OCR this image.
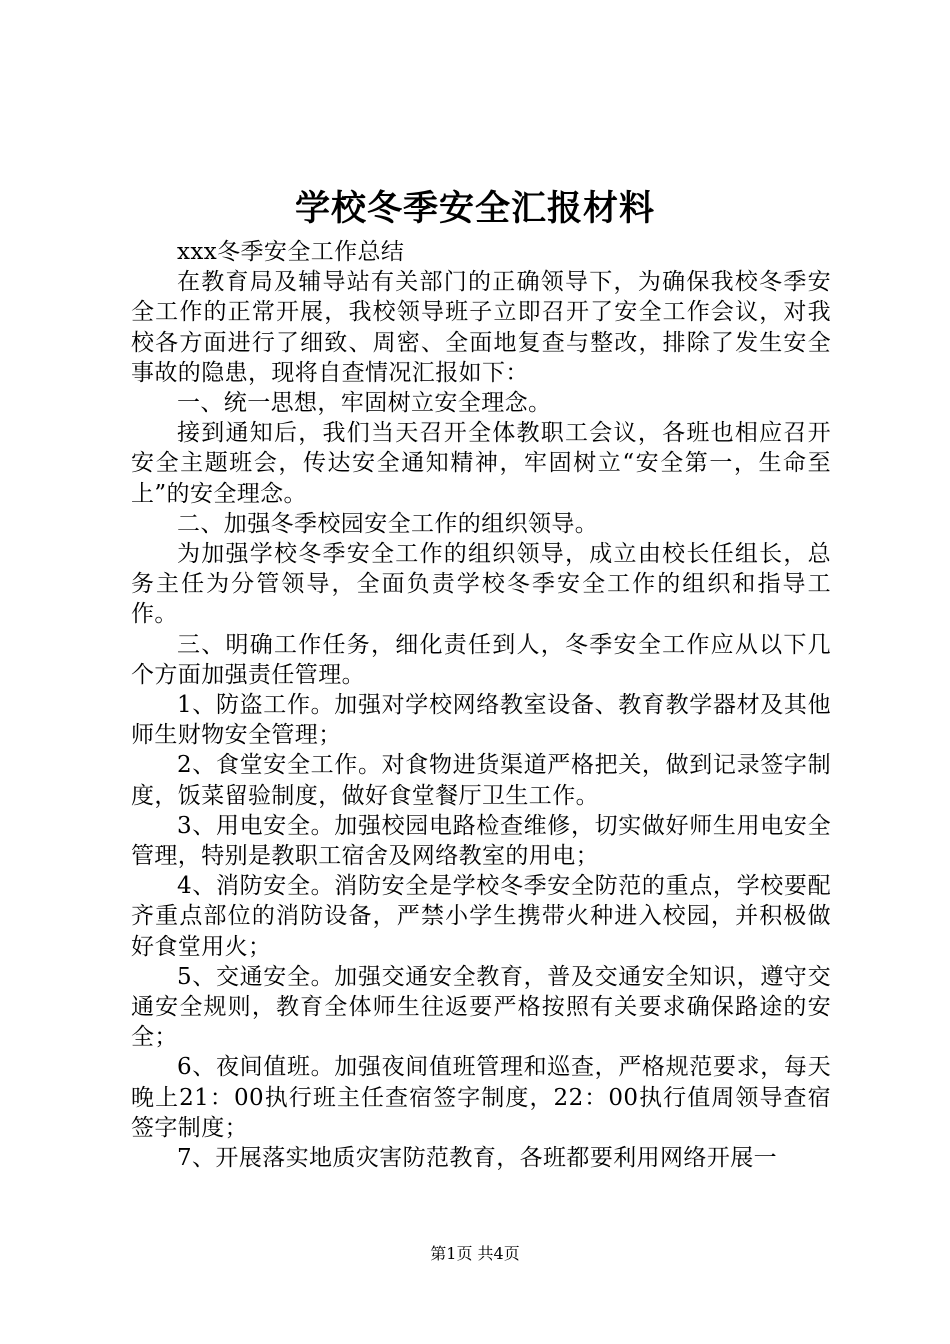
学校冬季安全汇报材料

xxx冬季安全工作总结

在教育局及辅导站有关部门的正确领导下，为确保我校冬季安全工作的正常开展，我校领导班子立即召开了安全工作会议，对我校各方面进行了细致、周密、全面地复查与整改，排除了发生安全事故的隐患，现将自查情况汇报如下：

一、统一思想，牢固树立安全理念。

接到通知后，我们当天召开全体教职工会议，各班也相应召开安全主题班会，传达安全通知精神，牢固树立“安全第一，生命至上”的安全理念。

二、加强冬季校园安全工作的组织领导。

为加强学校冬季安全工作的组织领导，成立由校长任组长，总务主任为分管领导，全面负责学校冬季安全工作的组织和指导工作。

三、明确工作任务，细化责任到人，冬季安全工作应从以下几个方面加强责任管理。

1、防盗工作。加强对学校网络教室设备、教育教学器材及其他师生财物安全管理；

2、食堂安全工作。对食物进货渠道严格把关，做到记录签字制度，饭菜留验制度，做好食堂餐厅卫生工作。

3、用电安全。加强校园电路检查维修，切实做好师生用电安全管理，特别是教职工宿舍及网络教室的用电；

4、消防安全。消防安全是学校冬季安全防范的重点，学校要配齐重点部位的消防设备，严禁小学生携带火种进入校园，并积极做好食堂用火；

5、交通安全。加强交通安全教育，普及交通安全知识，遵守交通安全规则，教育全体师生往返要严格按照有关要求确保路途的安全；

6、夜间值班。加强夜间值班管理和巡查，严格规范要求，每天晚上21：00执行班主任查宿签字制度，22：00执行值周领导查宿签字制度；

7、开展落实地质灾害防范教育，各班都要利用网络开展一

第1页 共4页
